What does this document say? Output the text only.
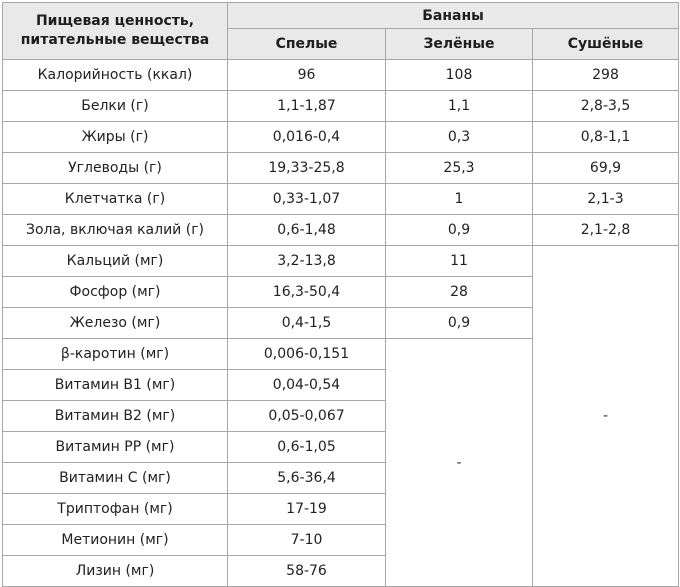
Пищевая ценность,
питательные вещества	Бананы		
	Спелые	Зелёные	Сушёные
Калорийность (ккал)	96	108	298
Белки (г)	1,1-1,87	1,1	2,8-3,5
Жиры (г)	0,016-0,4	0,3	0,8-1,1
Углеводы (г)	19,33-25,8	25,3	69,9
Клетчатка (г)	0,33-1,07	1	2,1-3
Зола, включая калий (г)	0,6-1,48	0,9	2,1-2,8
Кальций (мг)	3,2-13,8	11	-
Фосфор (мг)	16,3-50,4	28	
Железо (мг)	0,4-1,5	0,9	
β-каротин (мг)	0,006-0,151	-	
Витамин B1 (мг)	0,04-0,54		
Витамин B2 (мг)	0,05-0,067		
Витамин PP (мг)	0,6-1,05		
Витамин C (мг)	5,6-36,4		
Триптофан (мг)	17-19		
Метионин (мг)	7-10		
Лизин (мг)	58-76		
